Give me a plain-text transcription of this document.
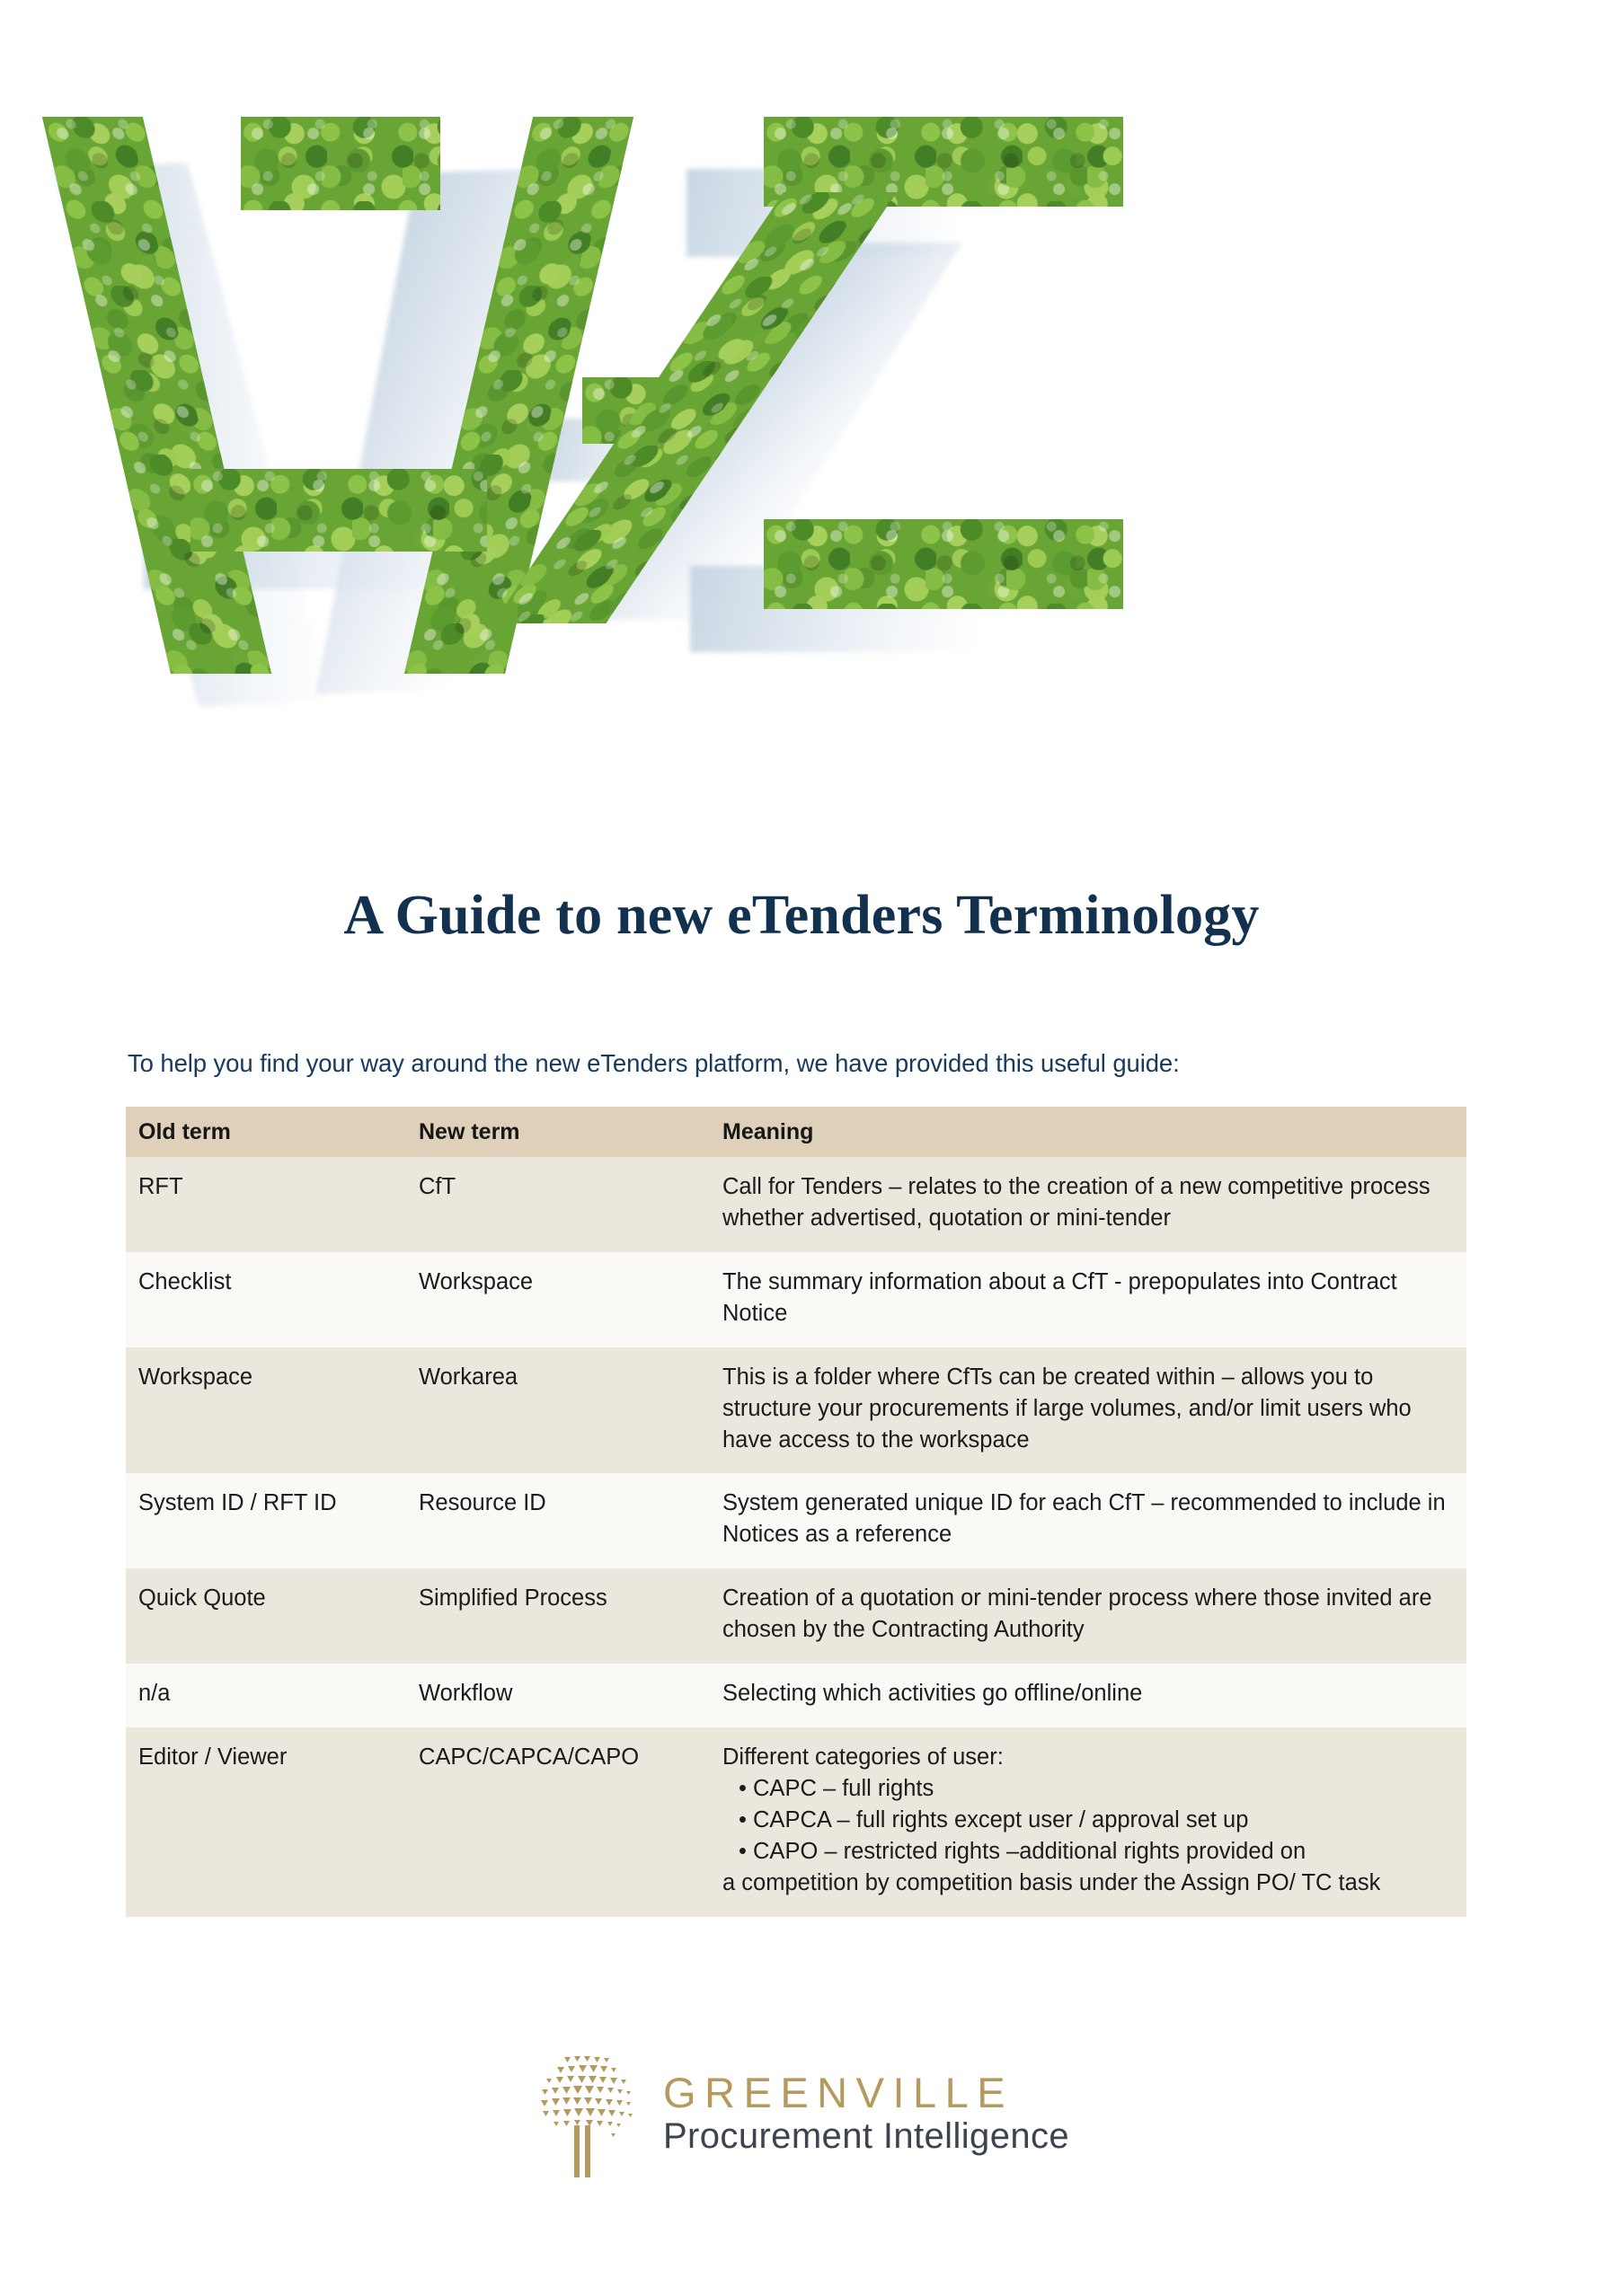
A Guide to new eTenders Terminology

To help you find your way around the new eTenders platform, we have provided this useful guide:

Old term	New term	Meaning
RFT	CfT	Call for Tenders – relates to the creation of a new competitive process whether advertised, quotation or mini-tender
Checklist	Workspace	The summary information about a CfT - prepopulates into Contract Notice
Workspace	Workarea	This is a folder where CfTs can be created within – allows you to structure your procurements if large volumes, and/or limit users who have access to the workspace
System ID / RFT ID	Resource ID	System generated unique ID for each CfT – recommended to include in Notices as a reference
Quick Quote	Simplified Process	Creation of a quotation or mini-tender process where those invited are chosen by the Contracting Authority
n/a	Workflow	Selecting which activities go offline/online
Editor / Viewer	CAPC/CAPCA/CAPO	Different categories of user:
• CAPC – full rights
• CAPCA – full rights except user / approval set up
• CAPO – restricted rights –additional rights provided on
a competition by competition basis under the Assign PO/ TC task
GREENVILLE
Procurement Intelligence
